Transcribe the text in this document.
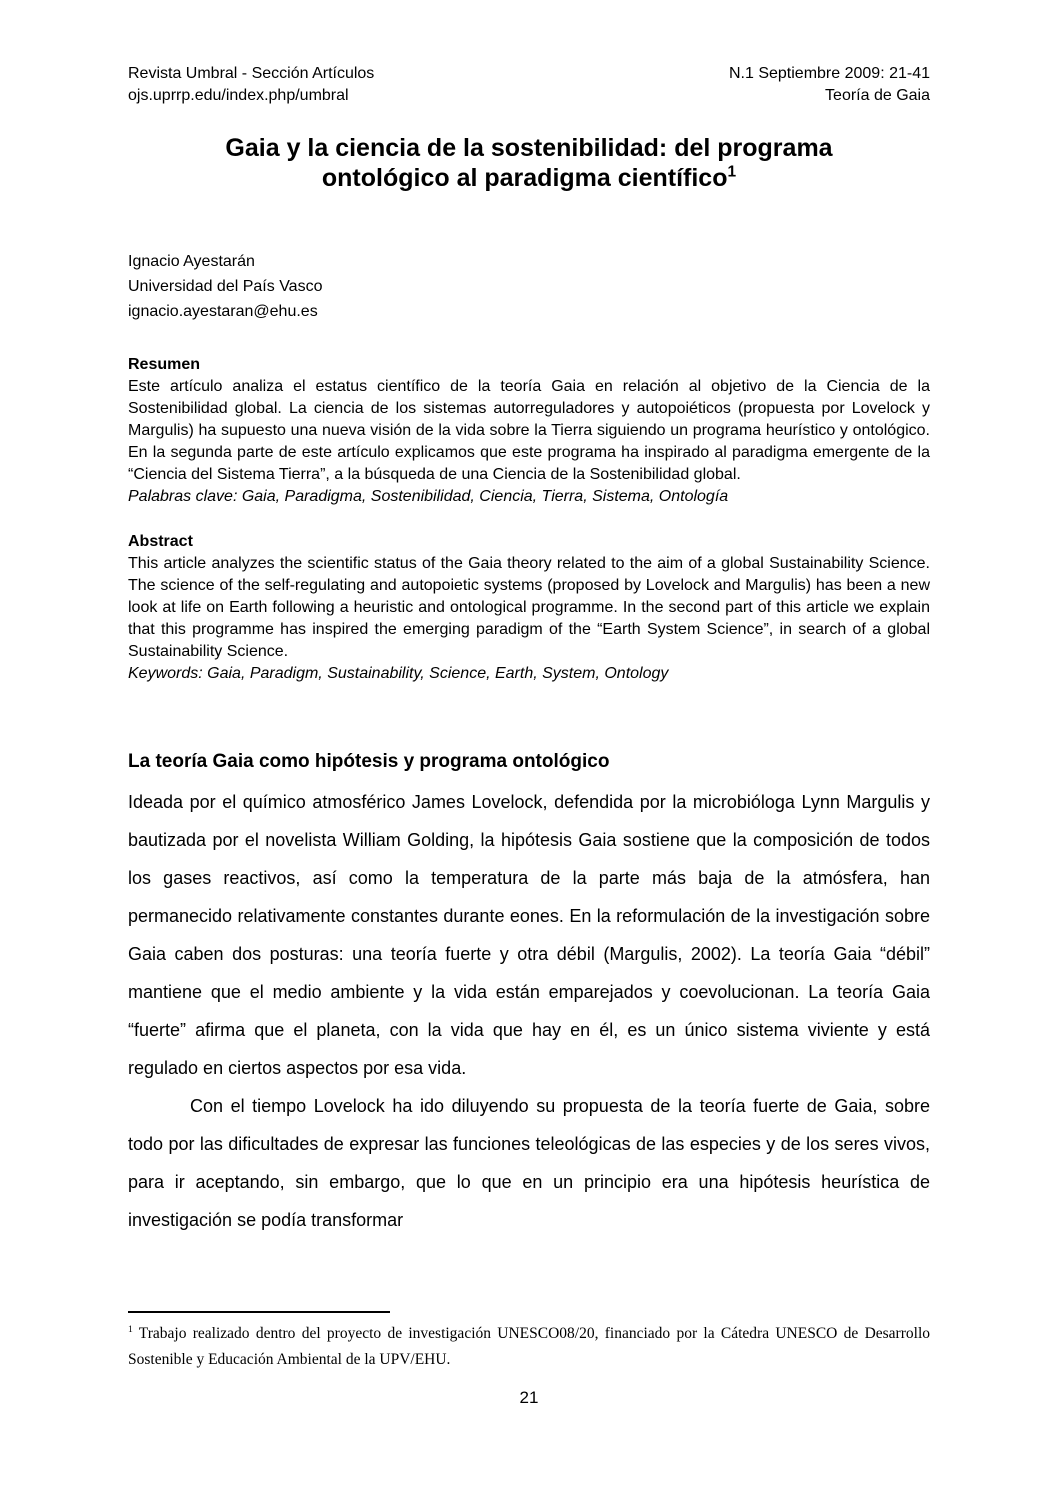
Revista Umbral - Sección Artículos
ojs.uprrp.edu/index.php/umbral
N.1 Septiembre 2009: 21-41
Teoría de Gaia
Gaia y la ciencia de la sostenibilidad: del programa
ontológico al paradigma científico$^1$
Ignacio Ayestarán
Universidad del País Vasco
ignacio.ayestaran@ehu.es
Resumen

Este artículo analiza el estatus científico de la teoría Gaia en relación al objetivo de la Ciencia de la Sostenibilidad global. La ciencia de los sistemas autorreguladores y autopoiéticos (propuesta por Lovelock y Margulis) ha supuesto una nueva visión de la vida sobre la Tierra siguiendo un programa heurístico y ontológico. En la segunda parte de este artículo explicamos que este programa ha inspirado al paradigma emergente de la “Ciencia del Sistema Tierra”, a la búsqueda de una Ciencia de la Sostenibilidad global.

Palabras clave: Gaia, Paradigma, Sostenibilidad, Ciencia, Tierra, Sistema, Ontología

Abstract

This article analyzes the scientific status of the Gaia theory related to the aim of a global Sustainability Science. The science of the self-regulating and autopoietic systems (proposed by Lovelock and Margulis) has been a new look at life on Earth following a heuristic and ontological programme. In the second part of this article we explain that this programme has inspired the emerging paradigm of the “Earth System Science”, in search of a global Sustainability Science.

Keywords: Gaia, Paradigm, Sustainability, Science, Earth, System, Ontology

La teoría Gaia como hipótesis y programa ontológico

Ideada por el químico atmosférico James Lovelock, defendida por la microbióloga Lynn Margulis y bautizada por el novelista William Golding, la hipótesis Gaia sostiene que la composición de todos los gases reactivos, así como la temperatura de la parte más baja de la atmósfera, han permanecido relativamente constantes durante eones. En la reformulación de la investigación sobre Gaia caben dos posturas: una teoría fuerte y otra débil (Margulis, 2002). La teoría Gaia “débil” mantiene que el medio ambiente y la vida están emparejados y coevolucionan. La teoría Gaia “fuerte” afirma que el planeta, con la vida que hay en él, es un único sistema viviente y está regulado en ciertos aspectos por esa vida.

Con el tiempo Lovelock ha ido diluyendo su propuesta de la teoría fuerte de Gaia, sobre todo por las dificultades de expresar las funciones teleológicas de las especies y de los seres vivos, para ir aceptando, sin embargo, que lo que en un principio era una hipótesis heurística de investigación se podía transformar

$^1$ Trabajo realizado dentro del proyecto de investigación UNESCO08/20, financiado por la Cátedra UNESCO de Desarrollo Sostenible y Educación Ambiental de la UPV/EHU.
21
